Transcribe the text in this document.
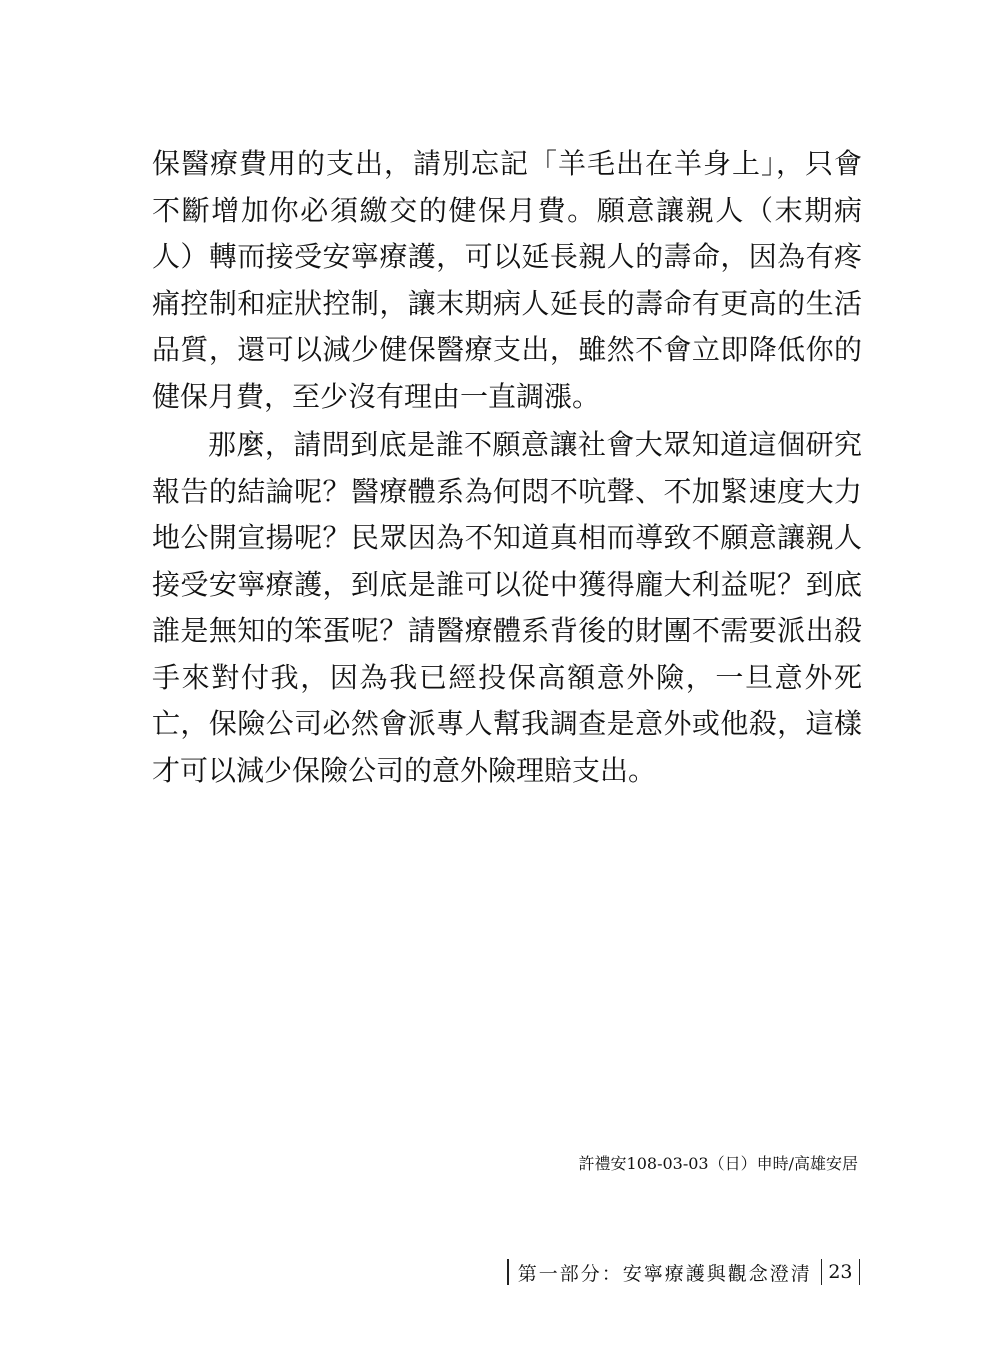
保醫療費用的支出，請別忘記「羊毛出在羊身上」，只會不斷增加你必須繳交的健保月費。願意讓親人（末期病人）轉而接受安寧療護，可以延長親人的壽命，因為有疼痛控制和症狀控制，讓末期病人延長的壽命有更高的生活品質，還可以減少健保醫療支出，雖然不會立即降低你的健保月費，至少沒有理由一直調漲。

那麼，請問到底是誰不願意讓社會大眾知道這個研究報告的結論呢？醫療體系為何悶不吭聲、不加緊速度大力地公開宣揚呢？民眾因為不知道真相而導致不願意讓親人接受安寧療護，到底是誰可以從中獲得龐大利益呢？到底誰是無知的笨蛋呢？請醫療體系背後的財團不需要派出殺手來對付我，因為我已經投保高額意外險，一旦意外死亡，保險公司必然會派專人幫我調查是意外或他殺，這樣才可以減少保險公司的意外險理賠支出。

許禮安108-03-03（日）申時/高雄安居
第一部分：安寧療護與觀念澄清 23
